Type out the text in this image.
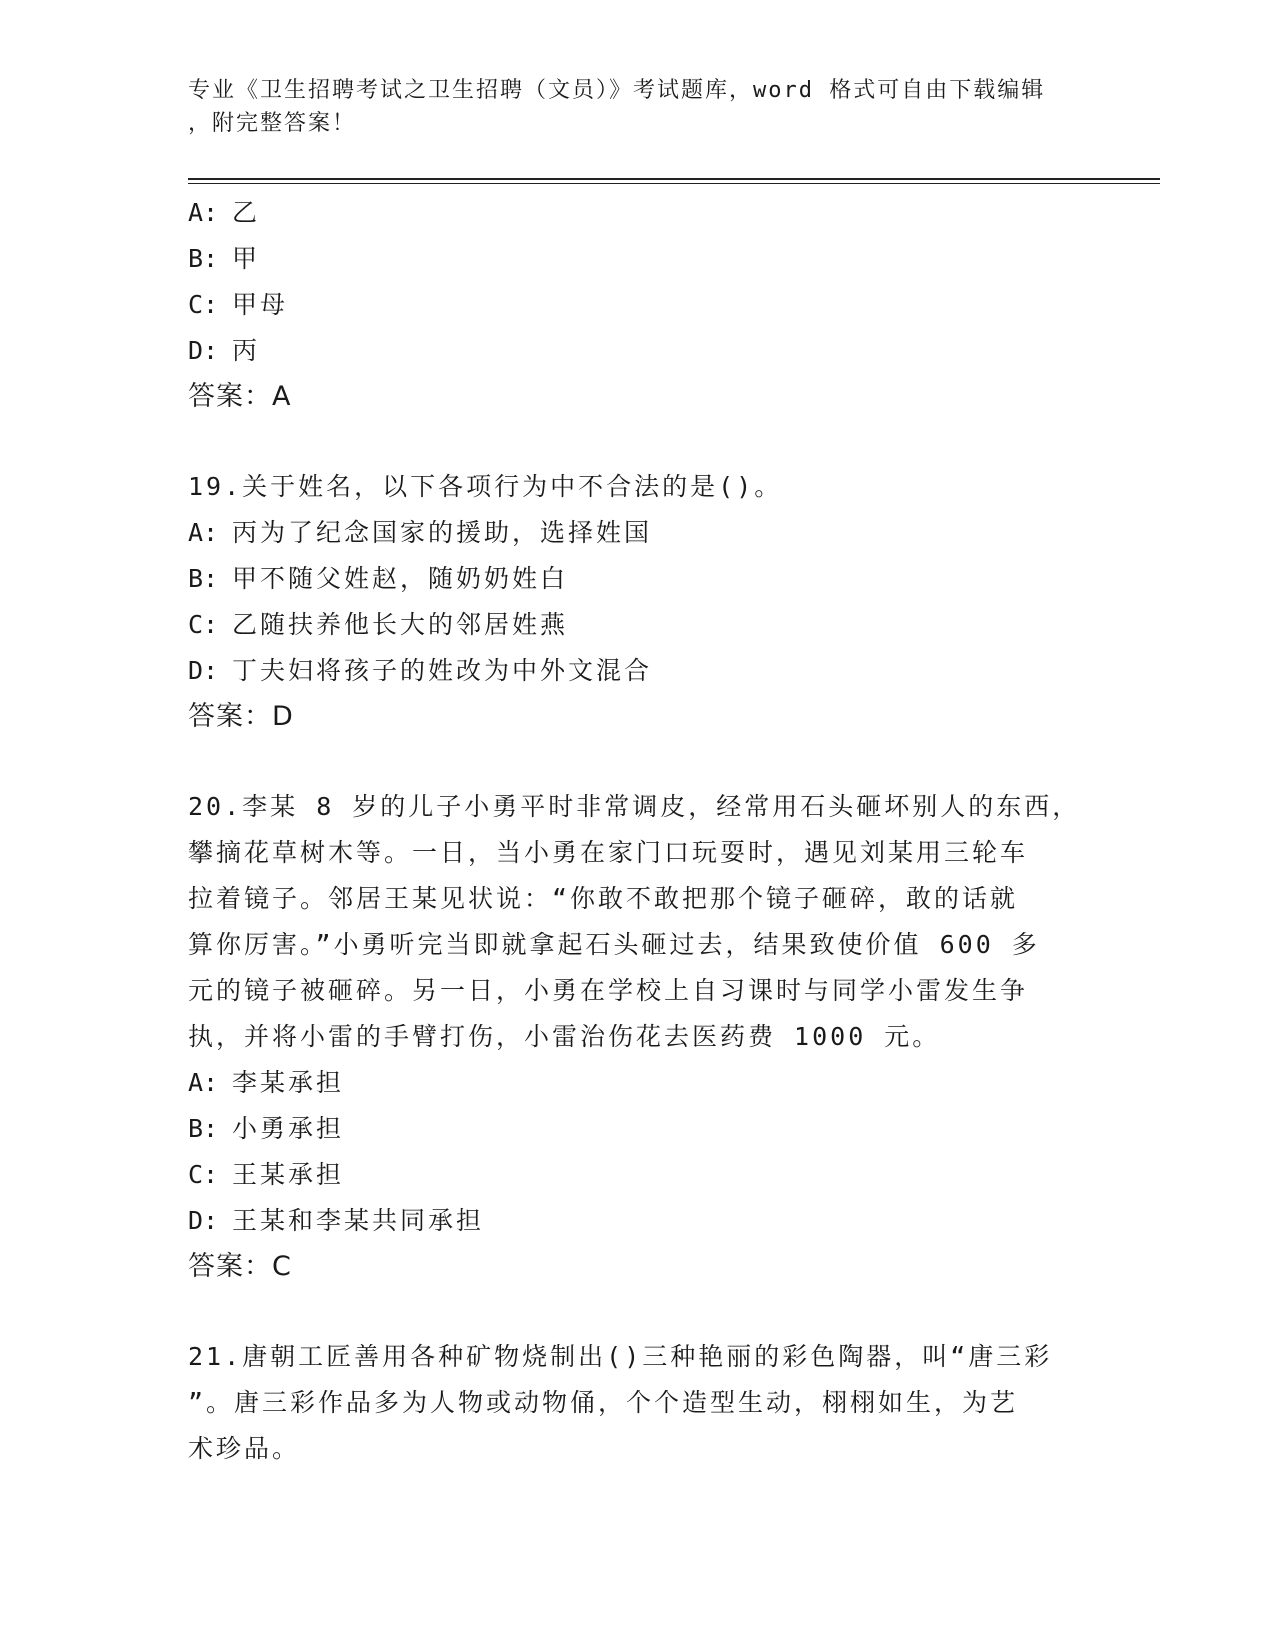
专业《卫生招聘考试之卫生招聘（文员）》考试题库，word 格式可自由下载编辑
，附完整答案！
A: 乙
B: 甲
C: 甲母
D: 丙
答案：A
19.关于姓名，以下各项行为中不合法的是()。
A: 丙为了纪念国家的援助，选择姓国
B: 甲不随父姓赵，随奶奶姓白
C: 乙随扶养他长大的邻居姓燕
D: 丁夫妇将孩子的姓改为中外文混合
答案：D
20.李某 8 岁的儿子小勇平时非常调皮，经常用石头砸坏别人的东西，
攀摘花草树木等。一日，当小勇在家门口玩耍时，遇见刘某用三轮车
拉着镜子。邻居王某见状说：“你敢不敢把那个镜子砸碎，敢的话就
算你厉害。”小勇听完当即就拿起石头砸过去，结果致使价值 600 多
元的镜子被砸碎。另一日，小勇在学校上自习课时与同学小雷发生争
执，并将小雷的手臂打伤，小雷治伤花去医药费 1000 元。
A: 李某承担
B: 小勇承担
C: 王某承担
D: 王某和李某共同承担
答案：C
21.唐朝工匠善用各种矿物烧制出()三种艳丽的彩色陶器，叫“唐三彩
”。唐三彩作品多为人物或动物俑，个个造型生动，栩栩如生，为艺
术珍品。
